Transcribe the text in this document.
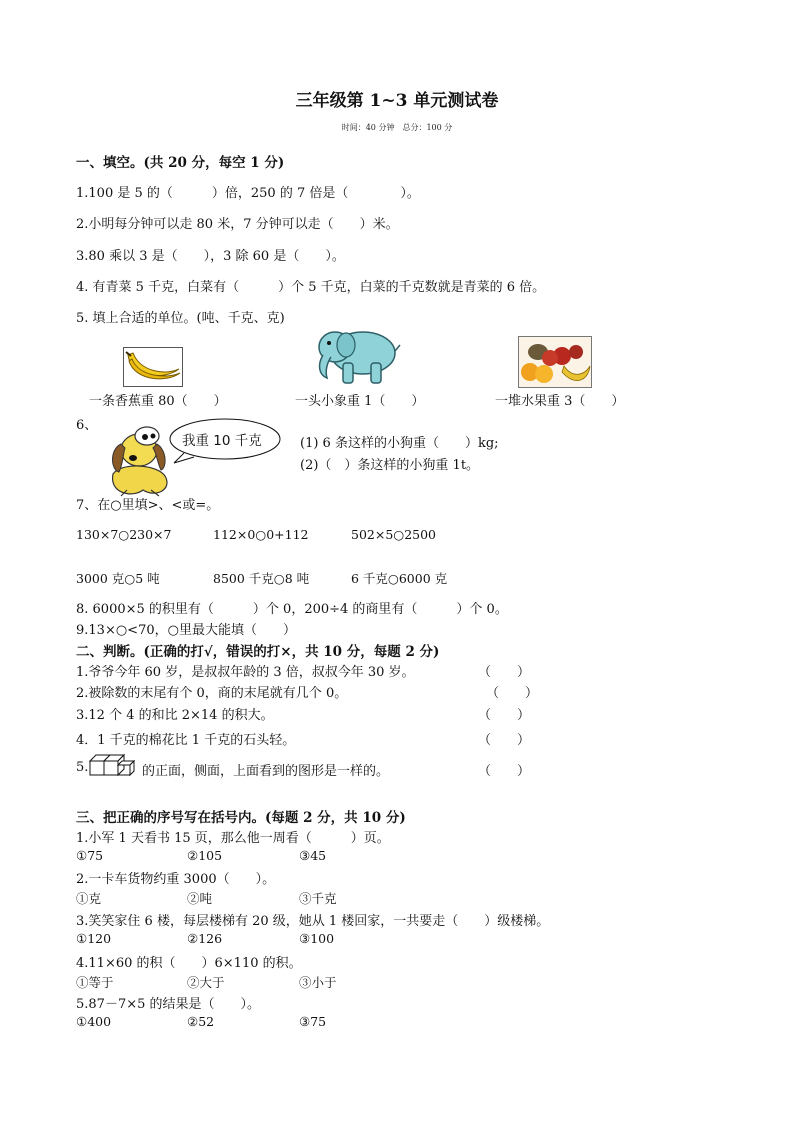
三年级第 1~3 单元测试卷
时间：40 分钟　总分：100 分
一、填空。(共 20 分，每空 1 分)
1.100 是 5 的（　　　）倍，250 的 7 倍是（　　　　）。
2.小明每分钟可以走 80 米，7 分钟可以走（　　）米。
3.80 乘以 3 是（　　），3 除 60 是（　　）。
4. 有青菜 5 千克，白菜有（　　　）个 5 千克，白菜的千克数就是青菜的 6 倍。
5. 填上合适的单位。(吨、千克、克)
一条香蕉重 80（　　）	一头小象重 1（　　）	一堆水果重 3（　　）
6、
我重 10 千克	(1) 6 条这样的小狗重（　　）kg;
(2)（　）条这样的小狗重 1t。
7、在○里填>、<或=。
130×7○230×7	112×0○0+112	502×5○2500
3000 克○5 吨	8500 千克○8 吨	6 千克○6000 克
8. 6000×5 的积里有（　　　）个 0，200÷4 的商里有（　　　）个 0。
9.13×○<70，○里最大能填（　　）
二、判断。(正确的打√，错误的打×，共 10 分，每题 2 分)
1.爷爷今年 60 岁，是叔叔年龄的 3 倍，叔叔今年 30 岁。	（　　）
2.被除数的末尾有个 0，商的末尾就有几个 0。	（　　）
3.12 个 4 的和比 2×14 的积大。	（　　）
4．1 千克的棉花比 1 千克的石头轻。	（　　）
5.	的正面，侧面，上面看到的图形是一样的。	（　　）
三、把正确的序号写在括号内。(每题 2 分，共 10 分)
1.小军 1 天看书 15 页，那么他一周看（　　　）页。
①75	②105	③45
2.一卡车货物约重 3000（　　）。
①克	②吨	③千克
3.笑笑家住 6 楼，每层楼梯有 20 级，她从 1 楼回家，一共要走（　　）级楼梯。
①120	②126	③100
4.11×60 的积（　　）6×110 的积。
①等于	②大于	③小于
5.87－7×5 的结果是（　　）。
①400	②52	③75
